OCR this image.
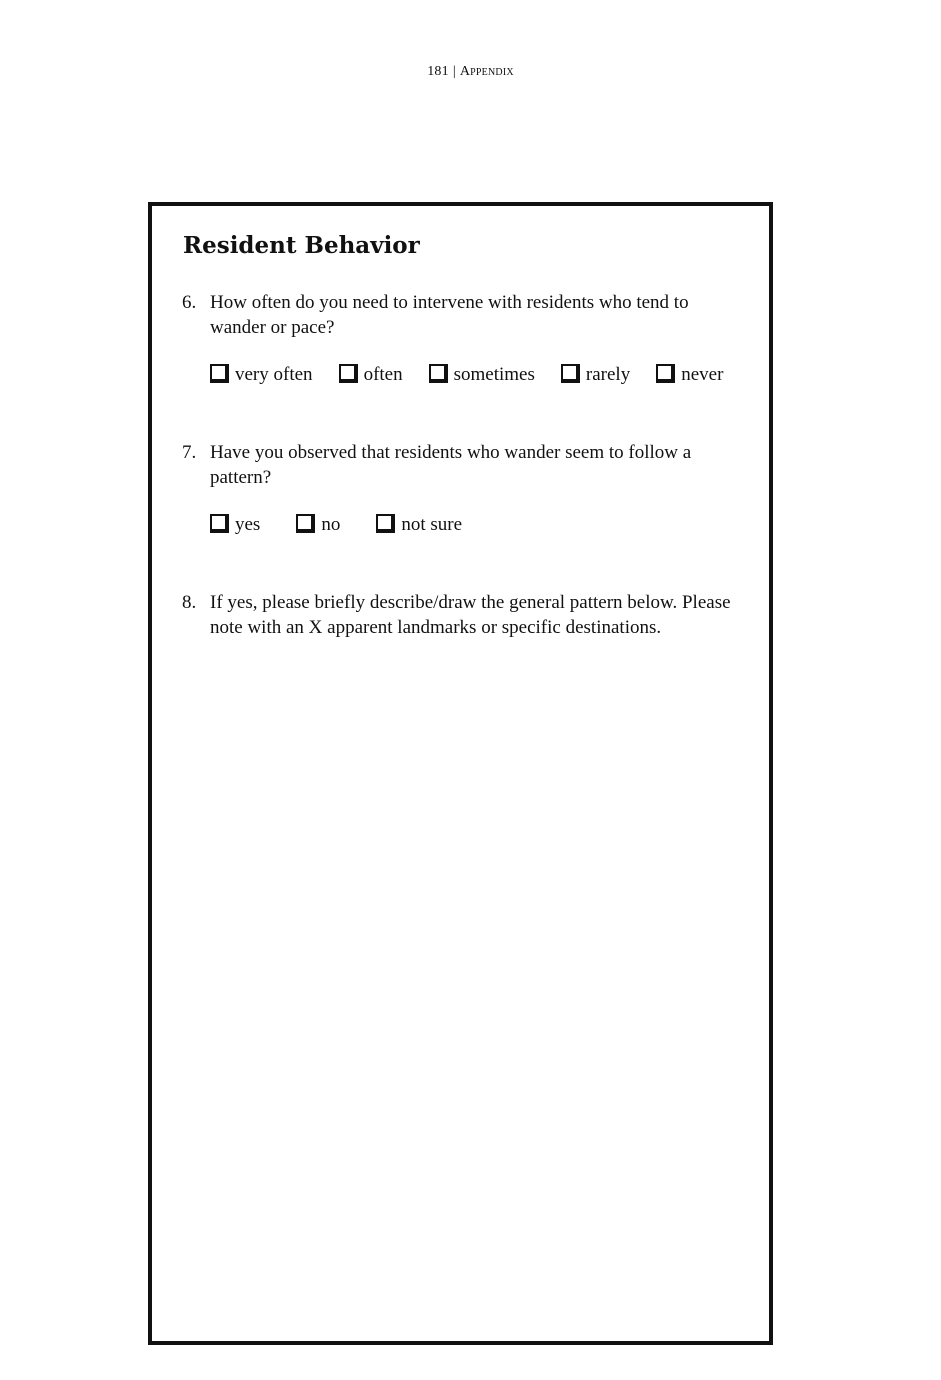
181 | Appendix
Resident Behavior
6. How often do you need to intervene with residents who tend to wander or pace?
very often	often	sometimes	rarely	never
7. Have you observed that residents who wander seem to follow a pattern?
yes	no	not sure
8. If yes, please briefly describe/draw the general pattern below. Please note with an X apparent landmarks or specific destinations.
